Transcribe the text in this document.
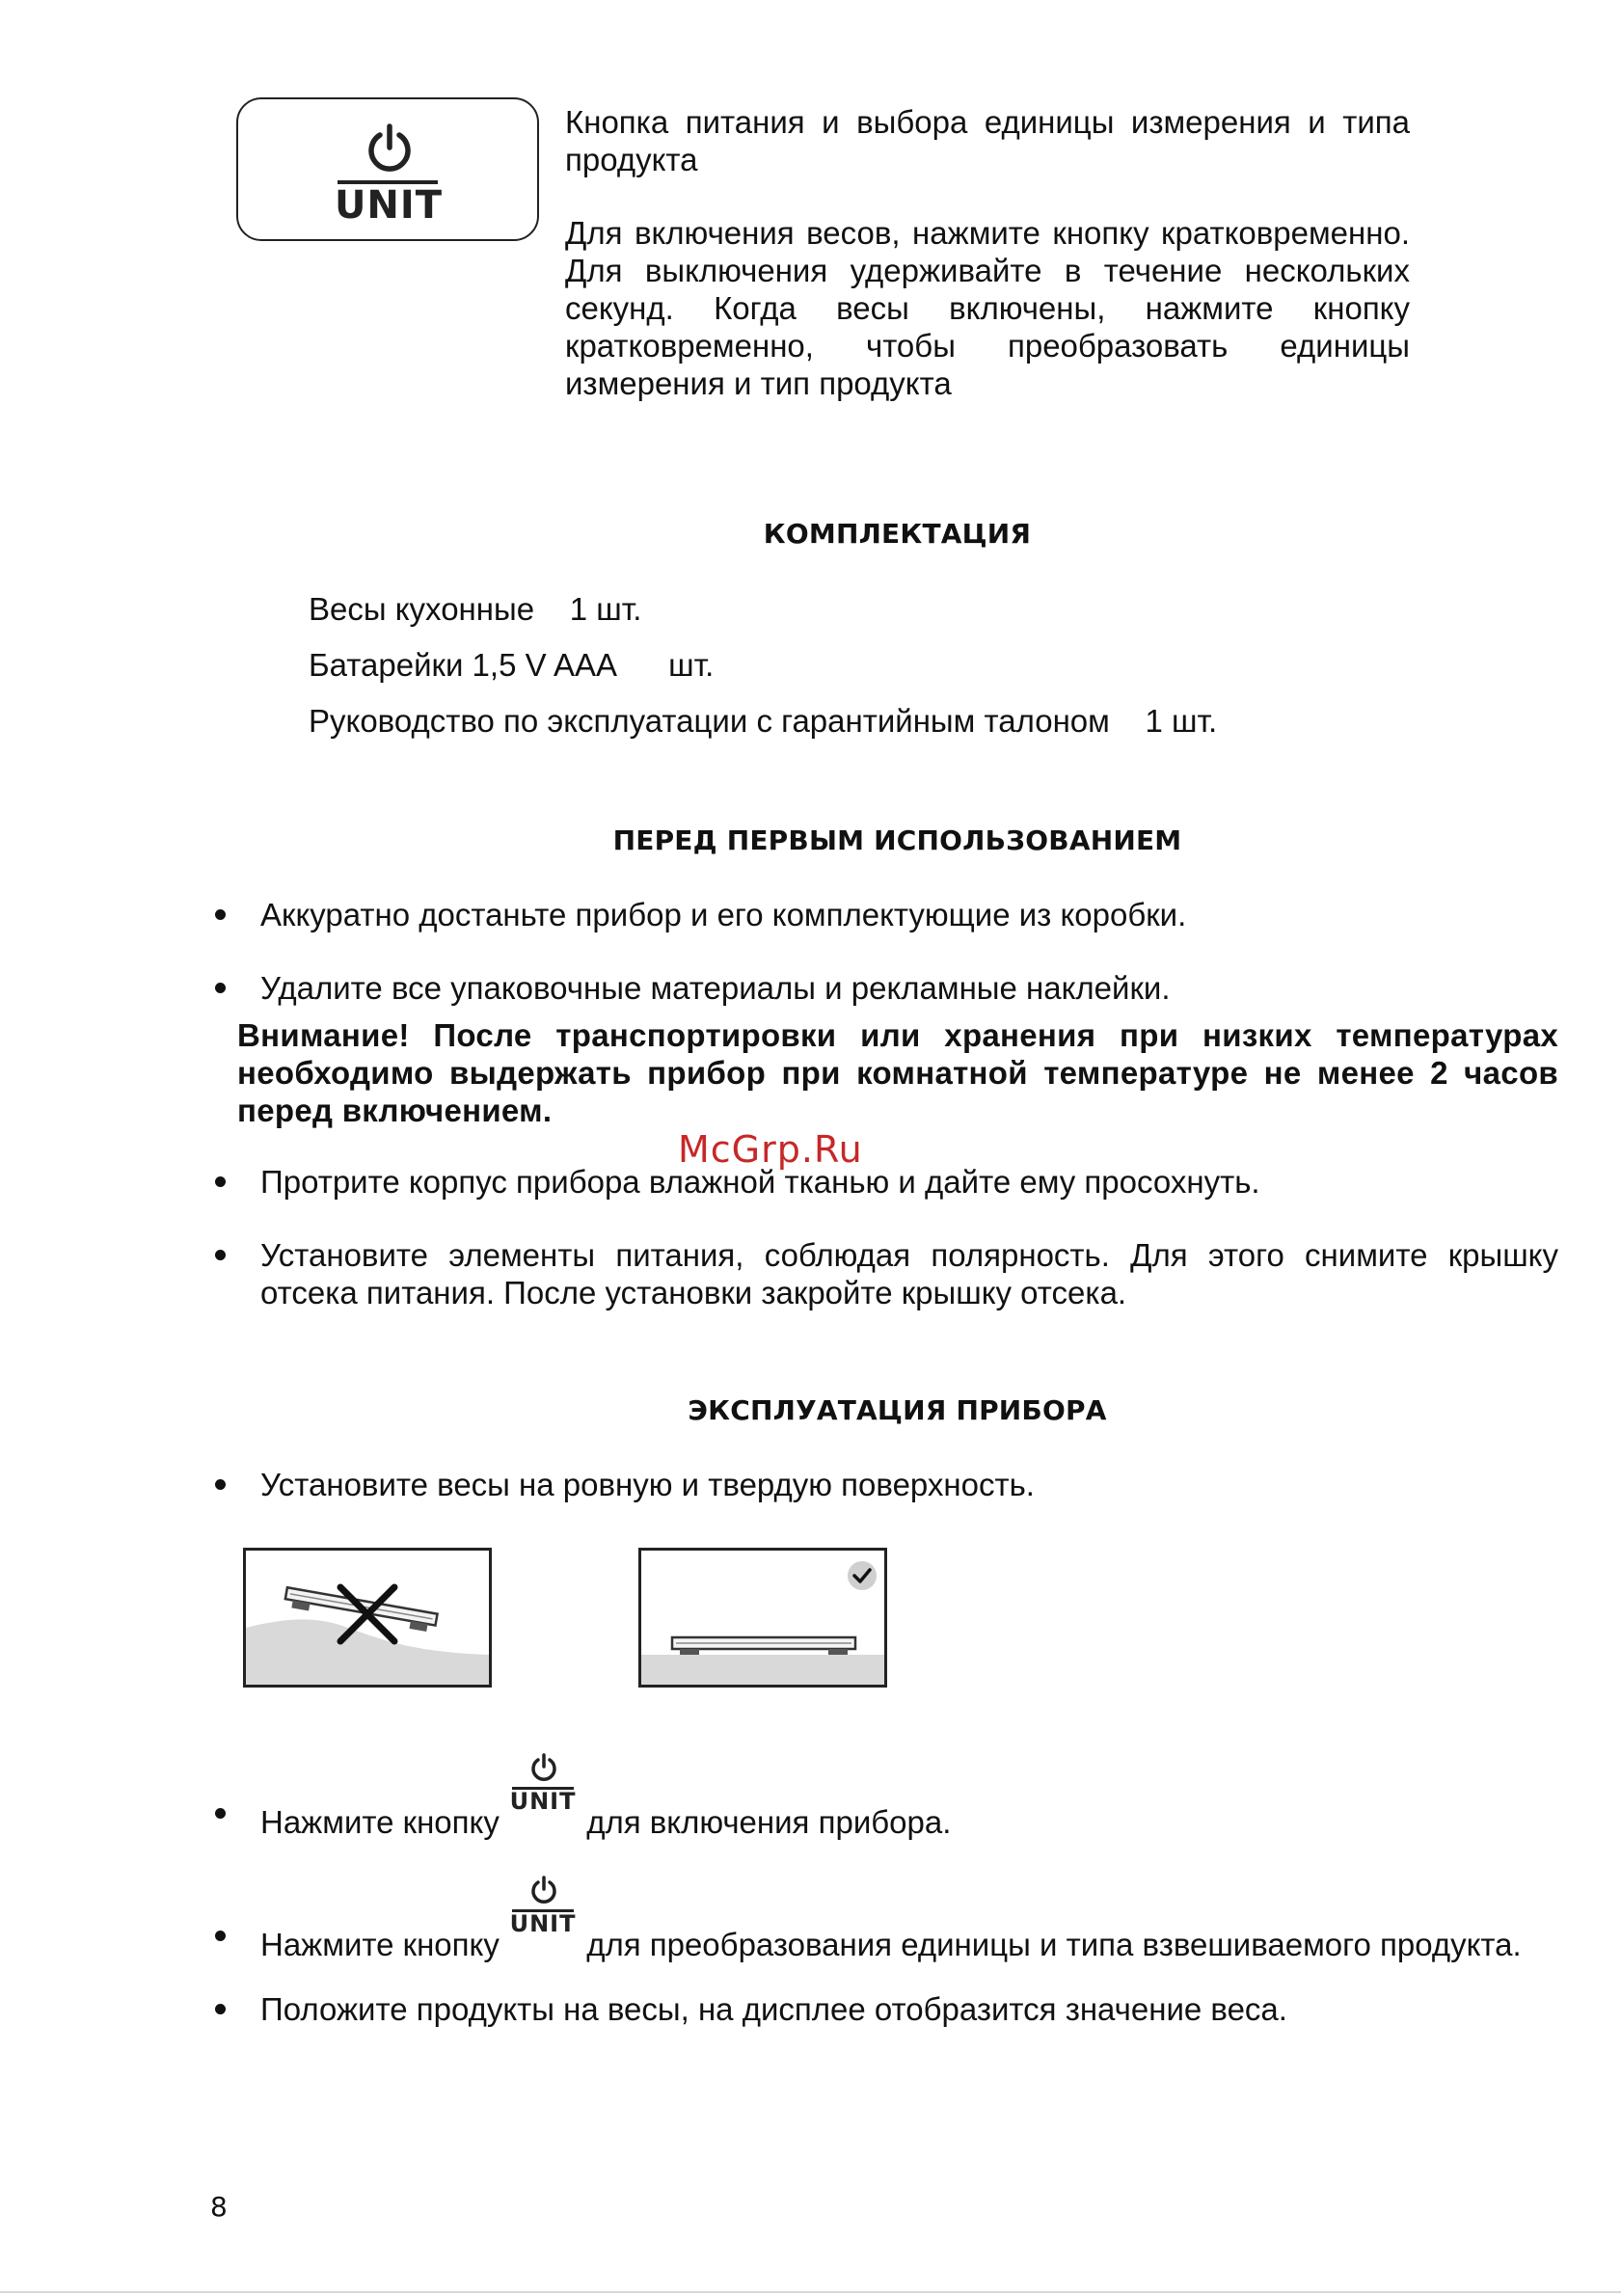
UNIT
Кнопка питания и выбора единицы измерения и типа продукта
Для включения весов, нажмите кнопку кратковременно. Для выключения удерживайте в течение нескольких секунд. Когда весы включены, нажмите кнопку кратковременно, чтобы преобразовать единицы измерения и тип продукта
КОМПЛЕКТАЦИЯ
Весы кухонные    1 шт.
Батарейки 1,5 V AAA      шт.
Руководство по эксплуатации с гарантийным талоном    1 шт.
ПЕРЕД ПЕРВЫМ ИСПОЛЬЗОВАНИЕМ
Аккуратно достаньте прибор и его комплектующие из коробки.
Удалите все упаковочные материалы и рекламные наклейки.
Внимание! После транспортировки или хранения при низких температурах необходимо выдержать прибор при комнатной температуре не менее 2 часов перед включением.
McGrp.Ru
Протрите корпус прибора влажной тканью и дайте ему просохнуть.
Установите элементы питания, соблюдая полярность. Для этого снимите крышку отсека питания. После установки закройте крышку отсека.
ЭКСПЛУАТАЦИЯ ПРИБОРА
Установите весы на ровную и твердую поверхность.
Нажмите кнопку
UNIT
для включения прибора.
Нажмите кнопку
UNIT
для преобразования единицы и типа взвешиваемого продукта.
Положите продукты на весы, на дисплее отобразится значение веса.
8
